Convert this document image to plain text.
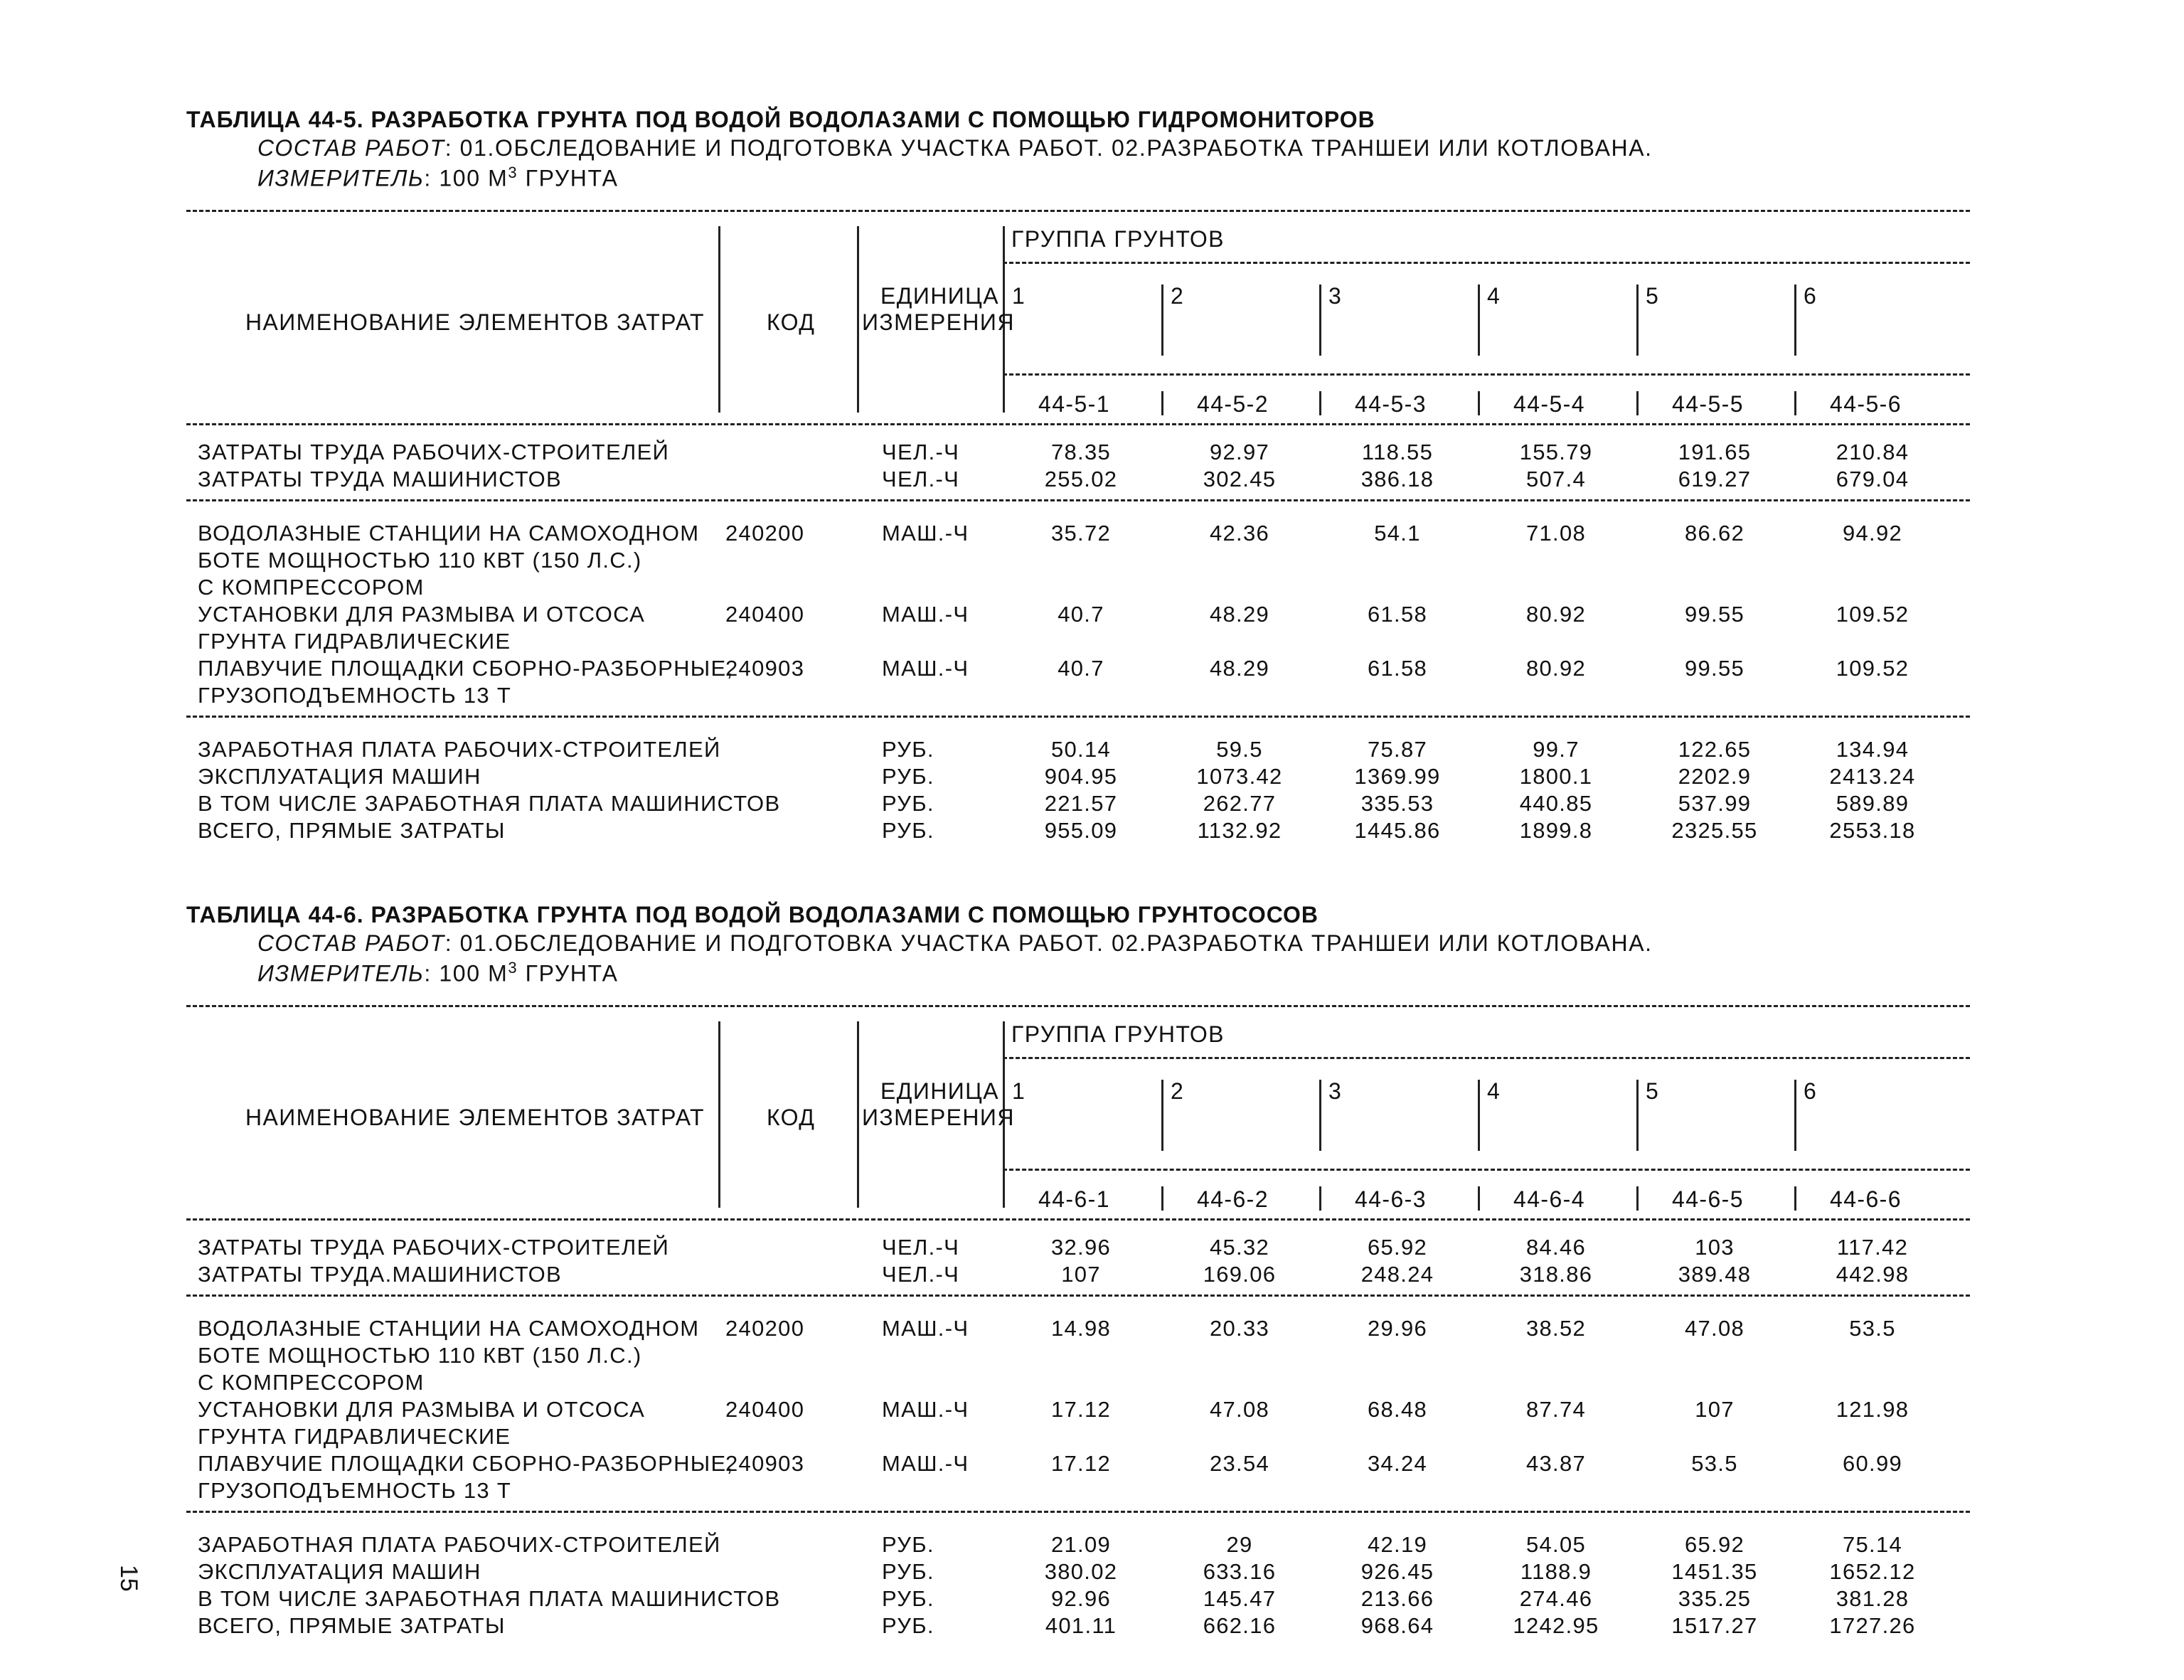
ТАБЛИЦА 44-5. РАЗРАБОТКА ГРУНТА ПОД ВОДОЙ ВОДОЛАЗАМИ С ПОМОЩЬЮ ГИДРОМОНИТОРОВ
СОСТАВ РАБОТ: 01.ОБСЛЕДОВАНИЕ И ПОДГОТОВКА УЧАСТКА РАБОТ. 02.РАЗРАБОТКА ТРАНШЕИ ИЛИ КОТЛОВАНА.
ИЗМЕРИТЕЛЬ: 100 $М^3$ ГРУНТА
НАИМЕНОВАНИЕ ЭЛЕМЕНТОВ ЗАТРАТ	КОД
ЕДИНИЦА
ИЗМЕРЕНИЯ
ГРУППА ГРУНТОВ
1
44-5-1
2
44-5-2
3
44-5-3
4
44-5-4
5
44-5-5
6
44-5-6
ЗАТРАТЫ ТРУДА РАБОЧИХ-СТРОИТЕЛЕЙ	ЧЕЛ.-Ч	78.35	92.97	118.55	155.79	191.65	210.84
ЗАТРАТЫ ТРУДА МАШИНИСТОВ	ЧЕЛ.-Ч	255.02	302.45	386.18	507.4	619.27	679.04
ВОДОЛАЗНЫЕ СТАНЦИИ НА САМОХОДНОМ 240200	МАШ.-Ч	35.72	42.36	54.1	71.08	86.62	94.92
БОТЕ МОЩНОСТЬЮ 110 КВТ (150 Л.С.)
С КОМПРЕССОРОМ
УСТАНОВКИ ДЛЯ РАЗМЫВА И ОТСОСА	240400	МАШ.-Ч	40.7	48.29	61.58	80.92	99.55	109.52
ГРУНТА ГИДРАВЛИЧЕСКИЕ
ПЛАВУЧИЕ ПЛОЩАДКИ СБОРНО-РАЗБОРНЫЕ,
240903	МАШ.-Ч	40.7	48.29	61.58	80.92	99.55	109.52
ГРУЗОПОДЪЕМНОСТЬ 13 Т
ЗАРАБОТНАЯ ПЛАТА РАБОЧИХ-СТРОИТЕЛЕЙ	РУБ.	50.14	59.5	75.87	99.7	122.65	134.94
ЭКСПЛУАТАЦИЯ МАШИН	РУБ.	904.95	1073.42	1369.99	1800.1	2202.9	2413.24
В ТОМ ЧИСЛЕ ЗАРАБОТНАЯ ПЛАТА МАШИНИСТОВ	РУБ.	221.57	262.77	335.53	440.85	537.99	589.89
ВСЕГО, ПРЯМЫЕ ЗАТРАТЫ	РУБ.	955.09	1132.92	1445.86	1899.8	2325.55	2553.18
ТАБЛИЦА 44-6. РАЗРАБОТКА ГРУНТА ПОД ВОДОЙ ВОДОЛАЗАМИ С ПОМОЩЬЮ ГРУНТОСОСОВ
СОСТАВ РАБОТ: 01.ОБСЛЕДОВАНИЕ И ПОДГОТОВКА УЧАСТКА РАБОТ. 02.РАЗРАБОТКА ТРАНШЕИ ИЛИ КОТЛОВАНА.
ИЗМЕРИТЕЛЬ: 100 $М^3$ ГРУНТА
НАИМЕНОВАНИЕ ЭЛЕМЕНТОВ ЗАТРАТ	КОД
ЕДИНИЦА
ИЗМЕРЕНИЯ
ГРУППА ГРУНТОВ
1
44-6-1
2
44-6-2
3
44-6-3
4
44-6-4
5
44-6-5
6
44-6-6
ЗАТРАТЫ ТРУДА РАБОЧИХ-СТРОИТЕЛЕЙ	ЧЕЛ.-Ч	32.96	45.32	65.92	84.46	103	117.42
ЗАТРАТЫ ТРУДА.МАШИНИСТОВ	ЧЕЛ.-Ч	107	169.06	248.24	318.86	389.48	442.98
ВОДОЛАЗНЫЕ СТАНЦИИ НА САМОХОДНОМ 240200	МАШ.-Ч	14.98	20.33	29.96	38.52	47.08	53.5
БОТЕ МОЩНОСТЬЮ 110 КВТ (150 Л.С.)
С КОМПРЕССОРОМ
УСТАНОВКИ ДЛЯ РАЗМЫВА И ОТСОСА	240400	МАШ.-Ч	17.12	47.08	68.48	87.74	107	121.98
ГРУНТА ГИДРАВЛИЧЕСКИЕ
ПЛАВУЧИЕ ПЛОЩАДКИ СБОРНО-РАЗБОРНЫЕ,
240903	МАШ.-Ч	17.12	23.54	34.24	43.87	53.5	60.99
ГРУЗОПОДЪЕМНОСТЬ 13 Т
ЗАРАБОТНАЯ ПЛАТА РАБОЧИХ-СТРОИТЕЛЕЙ	РУБ.	21.09	29	42.19	54.05	65.92	75.14
ЭКСПЛУАТАЦИЯ МАШИН	РУБ.	380.02	633.16	926.45	1188.9	1451.35	1652.12
В ТОМ ЧИСЛЕ ЗАРАБОТНАЯ ПЛАТА МАШИНИСТОВ	РУБ.	92.96	145.47	213.66	274.46	335.25	381.28
ВСЕГО, ПРЯМЫЕ ЗАТРАТЫ	РУБ.	401.11	662.16	968.64	1242.95	1517.27	1727.26
15
